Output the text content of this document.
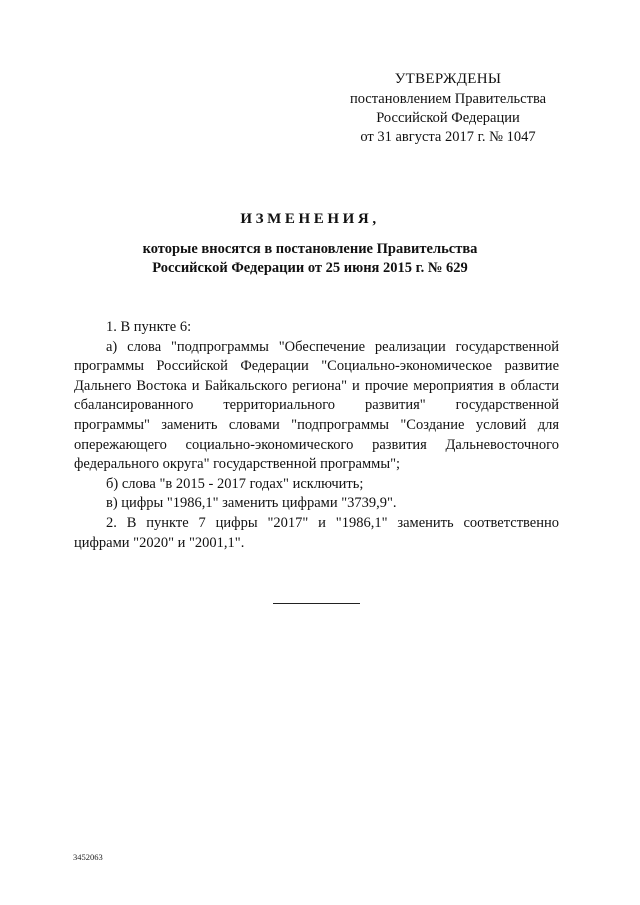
УТВЕРЖДЕНЫ
постановлением Правительства
Российской Федерации
от 31 августа 2017 г. № 1047
ИЗМЕНЕНИЯ,
которые вносятся в постановление Правительства
Российской Федерации от 25 июня 2015 г. № 629

1. В пункте 6:

а) слова "подпрограммы "Обеспечение реализации государственной программы Российской Федерации "Социально-экономическое развитие Дальнего Востока и Байкальского региона" и прочие мероприятия в области сбалансированного территориального развития" государственной программы" заменить словами "подпрограммы "Создание условий для опережающего социально-экономического развития Дальневосточного федерального округа" государственной программы";

б) слова "в 2015 - 2017 годах" исключить;

в) цифры "1986,1" заменить цифрами "3739,9".

2. В пункте 7 цифры "2017" и "1986,1" заменить соответственно цифрами "2020" и "2001,1".

3452063
